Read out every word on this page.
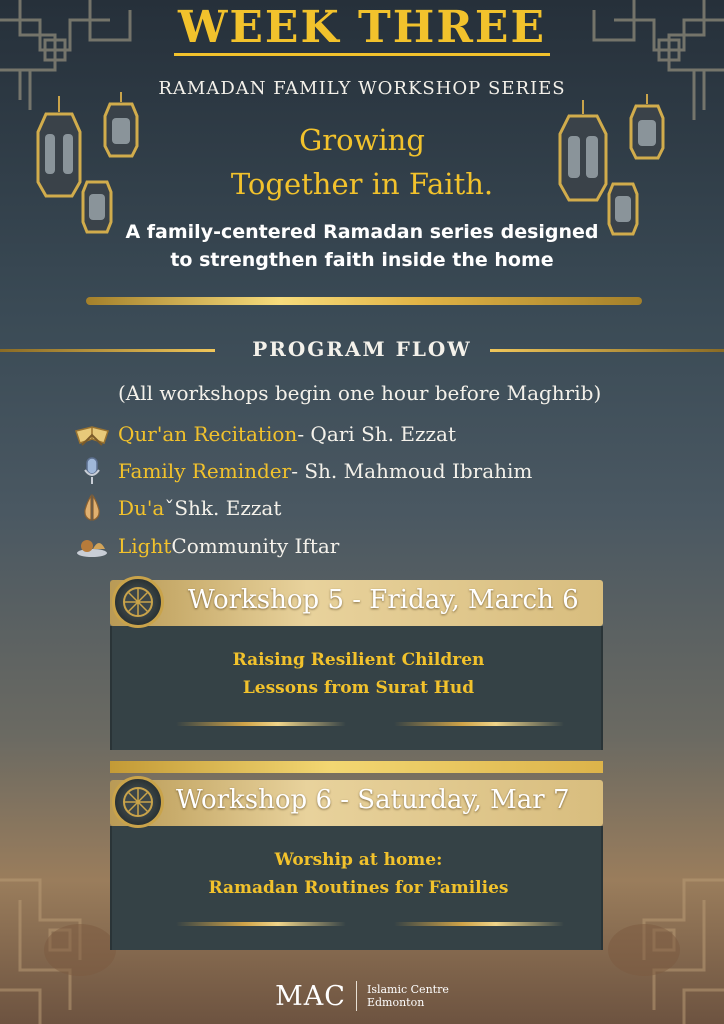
WEEK THREE
RAMADAN FAMILY WORKSHOP SERIES
Growing
Together in Faith.
A family-centered Ramadan series designed
to strengthen faith inside the home
PROGRAM FLOW
(All workshops begin one hour before Maghrib)
Qur'an Recitation - Qari Sh. Ezzat
Family Reminder - Sh. Mahmoud Ibrahim
Du'a ˇShk. Ezzat
Light Community Iftar
Raising Resilient Children
Lessons from Surat Hud
Workshop 5 - Friday, March 6
Worship at home:
Ramadan Routines for Families
Workshop 6 - Saturday, Mar 7
MAC Islamic Centre
Edmonton
